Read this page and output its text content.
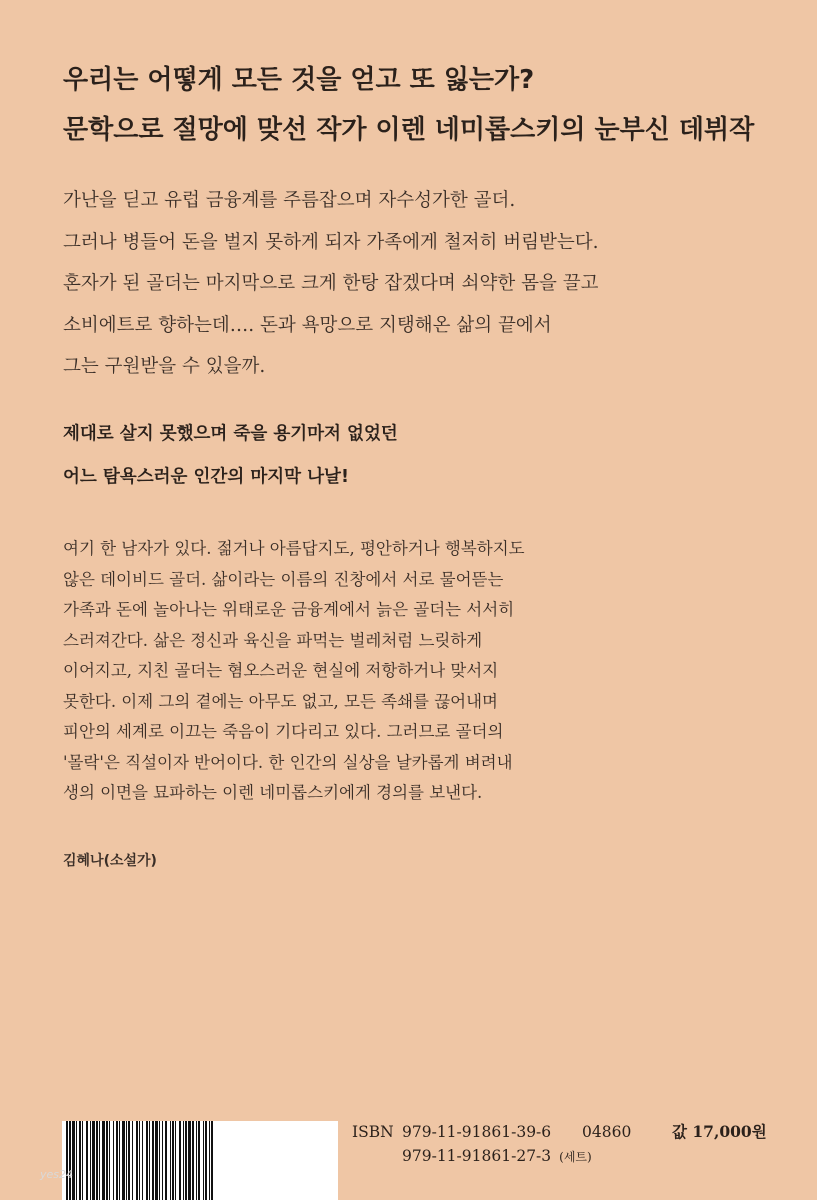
우리는 어떻게 모든 것을 얻고 또 잃는가?
문학으로 절망에 맞선 작가 이렌 네미롭스키의 눈부신 데뷔작
가난을 딛고 유럽 금융계를 주름잡으며 자수성가한 골더.
그러나 병들어 돈을 벌지 못하게 되자 가족에게 철저히 버림받는다.
혼자가 된 골더는 마지막으로 크게 한탕 잡겠다며 쇠약한 몸을 끌고
소비에트로 향하는데…. 돈과 욕망으로 지탱해온 삶의 끝에서
그는 구원받을 수 있을까.
제대로 살지 못했으며 죽을 용기마저 없었던
어느 탐욕스러운 인간의 마지막 나날!
여기 한 남자가 있다. 젊거나 아름답지도, 평안하거나 행복하지도
않은 데이비드 골더. 삶이라는 이름의 진창에서 서로 물어뜯는
가족과 돈에 놀아나는 위태로운 금융계에서 늙은 골더는 서서히
스러져간다. 삶은 정신과 육신을 파먹는 벌레처럼 느릿하게
이어지고, 지친 골더는 혐오스러운 현실에 저항하거나 맞서지
못한다. 이제 그의 곁에는 아무도 없고, 모든 족쇄를 끊어내며
피안의 세계로 이끄는 죽음이 기다리고 있다. 그러므로 골더의
'몰락'은 직설이자 반어이다. 한 인간의 실상을 날카롭게 벼려내
생의 이면을 묘파하는 이렌 네미롭스키에게 경의를 보낸다.
김혜나(소설가)
yes24
ISBN 979-11-91861-39-6 04860	값 17,000원
979-11-91861-27-3 (세트)
